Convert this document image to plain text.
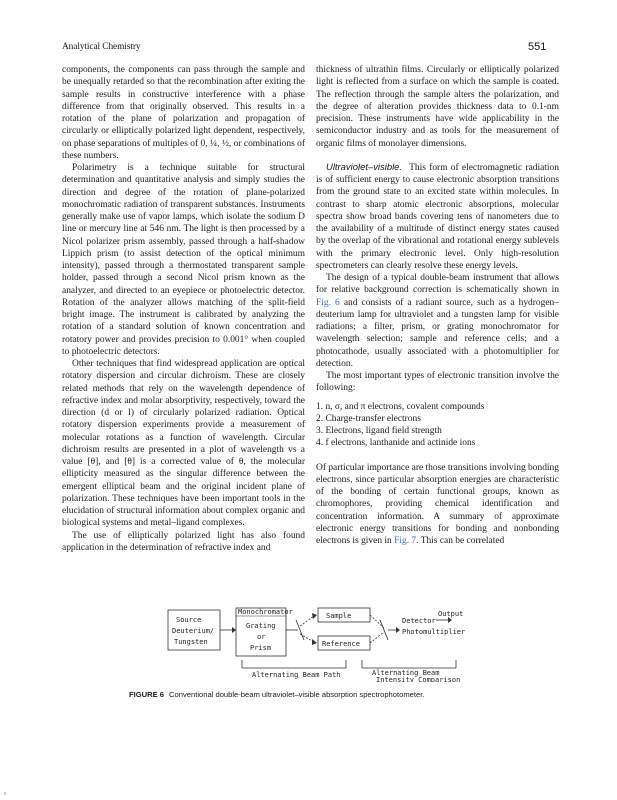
Analytical Chemistry	551

components, the components can pass through the sample and be unequally retarded so that the recombination after exiting the sample results in constructive interference with a phase difference from that originally observed. This results in a rotation of the plane of polarization and propagation of circularly or elliptically polarized light dependent, respectively, on phase separations of multiples of 0, ¼, ½, or combinations of these numbers.

Polarimetry is a technique suitable for structural determination and quantitative analysis and simply studies the direction and degree of the rotation of plane-polarized monochromatic radiation of transparent substances. Instruments generally make use of vapor lamps, which isolate the sodium D line or mercury line at 546 nm. The light is then processed by a Nicol polarizer prism assembly, passed through a half-shadow Lippich prism (to assist detection of the optical minimum intensity), passed through a thermostated transparent sample holder, passed through a second Nicol prism known as the analyzer, and directed to an eyepiece or photoelectric detector. Rotation of the analyzer allows matching of the split-field bright image. The instrument is calibrated by analyzing the rotation of a standard solution of known concentration and rotatory power and provides precision to 0.001° when coupled to photoelectric detectors.

Other techniques that find widespread application are optical rotatory dispersion and circular dichroism. These are closely related methods that rely on the wavelength dependence of refractive index and molar absorptivity, respectively, toward the direction (d or l) of circularly polarized radiation. Optical rotatory dispersion experiments provide a measurement of molecular rotations as a function of wavelength. Circular dichroism results are presented in a plot of wavelength vs a value [θ], and [θ] is a corrected value of θ, the molecular ellipticity measured as the singular difference between the emergent elliptical beam and the original incident plane of polarization. These techniques have been important tools in the elucidation of structural information about complex organic and biological systems and metal–ligand complexes.

The use of elliptically polarized light has also found application in the determination of refractive index and

thickness of ultrathin films. Circularly or elliptically polarized light is reflected from a surface on which the sample is coated. The reflection through the sample alters the polarization, and the degree of alteration provides thickness data to 0.1-nm precision. These instruments have wide applicability in the semiconductor industry and as tools for the measurement of organic films of monolayer dimensions.

Ultraviolet–visible. This form of electromagnetic radiation is of sufficient energy to cause electronic absorption transitions from the ground state to an excited state within molecules. In contrast to sharp atomic electronic absorptions, molecular spectra show broad bands covering tens of nanometers due to the availability of a multitude of distinct energy states caused by the overlap of the vibrational and rotational energy sublevels with the primary electronic level. Only high-resolution spectrometers can clearly resolve these energy levels.

The design of a typical double-beam instrument that allows for relative background correction is schematically shown in Fig. 6 and consists of a radiant source, such as a hydrogen–deuterium lamp for ultraviolet and a tungsten lamp for visible radiations; a filter, prism, or grating monochromator for wavelength selection; sample and reference cells; and a photocathode, usually associated with a photomultiplier for detection.

The most important types of electronic transition involve the following:

1. n, σ, and π electrons, covalent compounds
2. Charge-transfer electrons
3. Electrons, ligand field strength
4. f electrons, lanthanide and actinide ions

Of particular importance are those transitions involving bonding electrons, since particular absorption energies are characteristic of the bonding of certain functional groups, known as chromophores, providing chemical identification and concentration information. A summary of approximate electronic energy transitions for bonding and nonbonding electrons is given in Fig. 7. This can be correlated

Source
Deuterium/
Tungsten
Monochromator
Grating
or
Prism
Sample
Reference
Detector
Photomultiplier
Output
Alternating Beam Path	Alternating Beam
Intensity Comparison
FIGURE 6 Conventional double-beam ultraviolet–visible absorption spectrophotometer.
